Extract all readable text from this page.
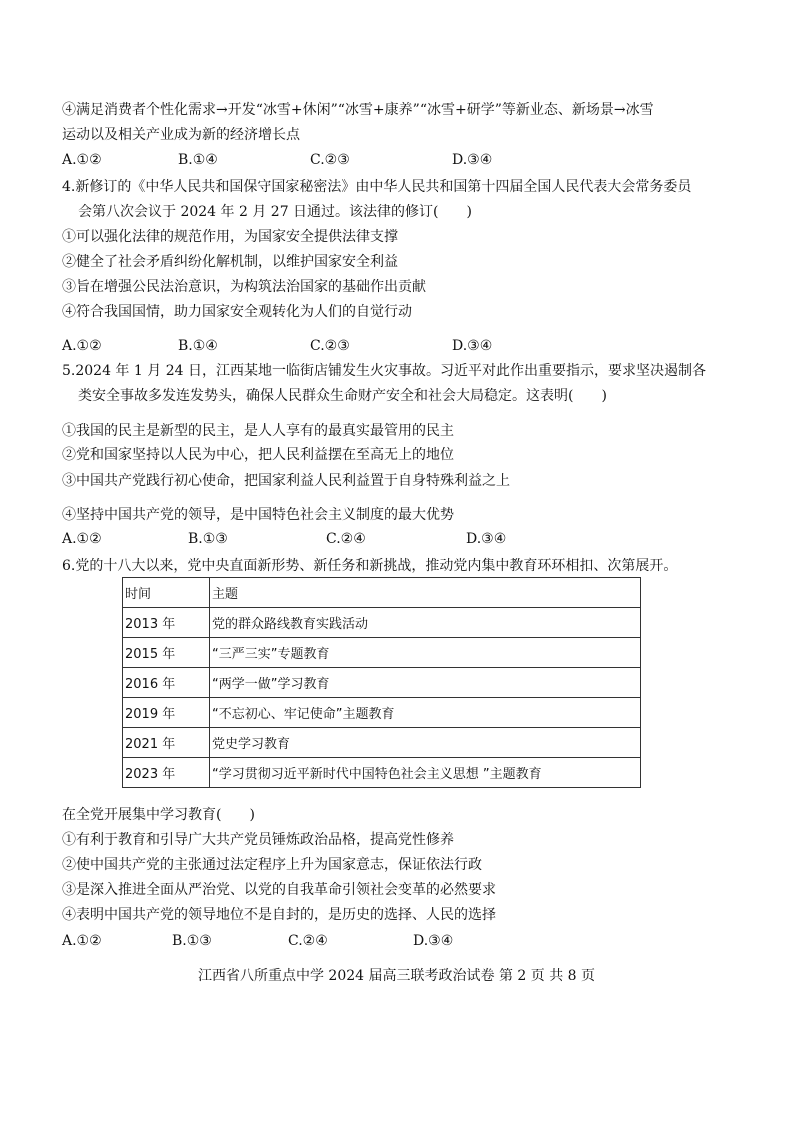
④满足消费者个性化需求→开发“冰雪+休闲”“冰雪+康养”“冰雪+研学”等新业态、新场景→冰雪
运动以及相关产业成为新的经济增长点
A.①②	B.①④	C.②③	D.③④
4.新修订的《中华人民共和国保守国家秘密法》由中华人民共和国第十四届全国人民代表大会常务委员
会第八次会议于 2024 年 2 月 27 日通过。该法律的修订(　　)
①可以强化法律的规范作用，为国家安全提供法律支撑
②健全了社会矛盾纠纷化解机制，以维护国家安全利益
③旨在增强公民法治意识，为构筑法治国家的基础作出贡献
④符合我国国情，助力国家安全观转化为人们的自觉行动
A.①②	B.①④	C.②③	D.③④
5.2024 年 1 月 24 日，江西某地一临街店铺发生火灾事故。习近平对此作出重要指示，要求坚决遏制各
类安全事故多发连发势头，确保人民群众生命财产安全和社会大局稳定。这表明(　　)
①我国的民主是新型的民主，是人人享有的最真实最管用的民主
②党和国家坚持以人民为中心，把人民利益摆在至高无上的地位
③中国共产党践行初心使命，把国家利益人民利益置于自身特殊利益之上
④坚持中国共产党的领导，是中国特色社会主义制度的最大优势
A.①②	B.①③	C.②④	D.③④
6.党的十八大以来，党中央直面新形势、新任务和新挑战，推动党内集中教育环环相扣、次第展开。
时间	主题
2013 年	党的群众路线教育实践活动
2015 年	“三严三实”专题教育
2016 年	“两学一做”学习教育
2019 年	“不忘初心、牢记使命”主题教育
2021 年	党史学习教育
2023 年	“学习贯彻习近平新时代中国特色社会主义思想 ”主题教育
在全党开展集中学习教育(　　)
①有利于教育和引导广大共产党员锤炼政治品格，提高党性修养
②使中国共产党的主张通过法定程序上升为国家意志，保证依法行政
③是深入推进全面从严治党、以党的自我革命引领社会变革的必然要求
④表明中国共产党的领导地位不是自封的，是历史的选择、人民的选择
A.①②	B.①③	C.②④	D.③④
江西省八所重点中学 2024 届高三联考政治试卷 第 2 页 共 8 页
